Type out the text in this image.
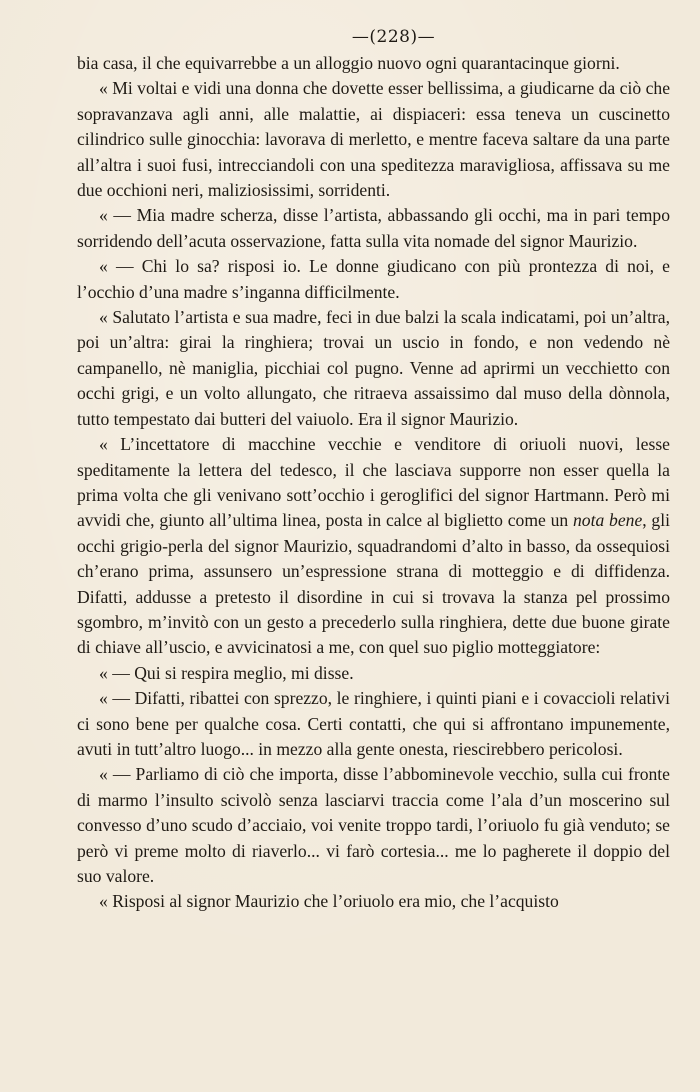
—(228)—

bia casa, il che equivarrebbe a un alloggio nuovo ogni quarantacinque giorni.

« Mi voltai e vidi una donna che dovette esser bellissima, a giudicarne da ciò che sopravanzava agli anni, alle malattie, ai dispiaceri: essa teneva un cuscinetto cilindrico sulle ginocchia: lavorava di merletto, e mentre faceva saltare da una parte all’altra i suoi fusi, intrecciandoli con una speditezza maravigliosa, affissava su me due occhioni neri, maliziosissimi, sorridenti.

« — Mia madre scherza, disse l’artista, abbassando gli occhi, ma in pari tempo sorridendo dell’acuta osservazione, fatta sulla vita nomade del signor Maurizio.

« — Chi lo sa? risposi io. Le donne giudicano con più prontezza di noi, e l’occhio d’una madre s’inganna difficilmente.

« Salutato l’artista e sua madre, feci in due balzi la scala indicatami, poi un’altra, poi un’altra: girai la ringhiera; trovai un uscio in fondo, e non vedendo nè campanello, nè maniglia, picchiai col pugno. Venne ad aprirmi un vecchietto con occhi grigi, e un volto allungato, che ritraeva assaissimo dal muso della dònnola, tutto tempestato dai butteri del vaiuolo. Era il signor Maurizio.

« L’incettatore di macchine vecchie e venditore di oriuoli nuovi, lesse speditamente la lettera del tedesco, il che lasciava supporre non esser quella la prima volta che gli venivano sott’occhio i geroglifici del signor Hartmann. Però mi avvidi che, giunto all’ultima linea, posta in calce al biglietto come un nota bene, gli occhi grigio-perla del signor Maurizio, squadrandomi d’alto in basso, da ossequiosi ch’erano prima, assunsero un’espressione strana di motteggio e di diffidenza. Difatti, addusse a pretesto il disordine in cui si trovava la stanza pel prossimo sgombro, m’invitò con un gesto a precederlo sulla ringhiera, dette due buone girate di chiave all’uscio, e avvicinatosi a me, con quel suo piglio motteggiatore:

« — Qui si respira meglio, mi disse.

« — Difatti, ribattei con sprezzo, le ringhiere, i quinti piani e i covaccioli relativi ci sono bene per qualche cosa. Certi contatti, che qui si affrontano impunemente, avuti in tutt’altro luogo... in mezzo alla gente onesta, riescirebbero pericolosi.

« — Parliamo di ciò che importa, disse l’abbominevole vecchio, sulla cui fronte di marmo l’insulto scivolò senza lasciarvi traccia come l’ala d’un moscerino sul convesso d’uno scudo d’acciaio, voi venite troppo tardi, l’oriuolo fu già venduto; se però vi preme molto di riaverlo... vi farò cortesia... me lo pagherete il doppio del suo valore.

« Risposi al signor Maurizio che l’oriuolo era mio, che l’acquisto
